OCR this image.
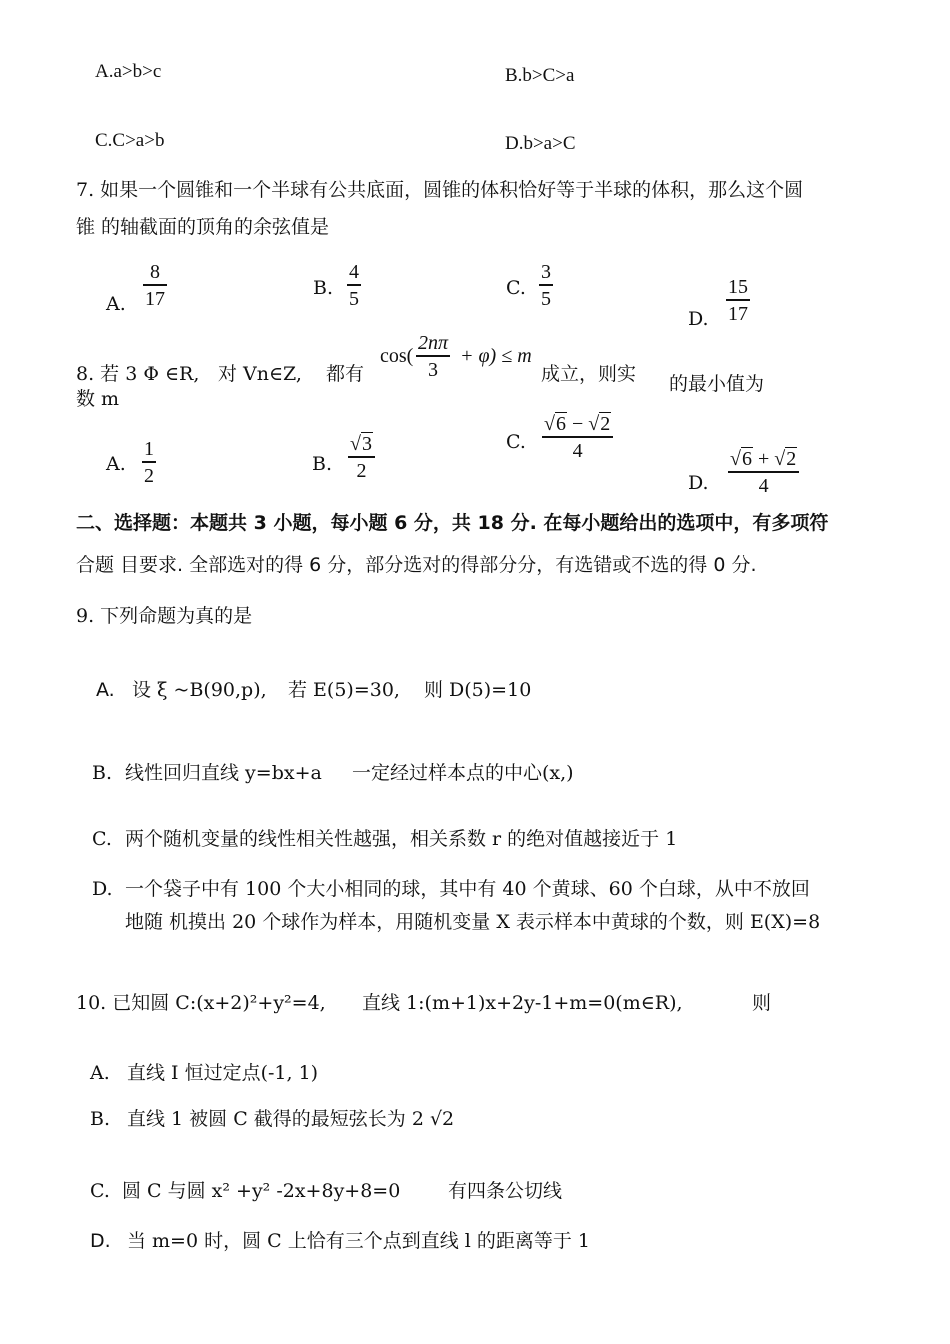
A.a>b>c	B.b>C>a
C.C>a>b	D.b>a>C
7. 如果一个圆锥和一个半球有公共底面，圆锥的体积恰好等于半球的体积，那么这个圆
锥 的轴截面的顶角的余弦值是
A.
8
17	B.
4
5	C.
3
5
D.
15
17
8. 若 3 Φ ∈R, 对 Vn∈Z, 都有
cos(
2nπ
3
+ φ) ≤ m
成立，则实 的最小值为
数 m
A.
1
2
B.
√3
2
C.
√6 − √2
4
D.
√6 + √2
4
二、选择题：本题共 3 小题，每小题 6 分，共 18 分. 在每小题给出的选项中，有多项符
合题 目要求. 全部选对的得 6 分，部分选对的得部分分，有选错或不选的得 0 分.
9. 下列命题为真的是
A. 设 ξ ~B(90,p), 若 E(5)=30, 则 D(5)=10
B. 线性回归直线 y=bx+a 一定经过样本点的中心(x,)
C. 两个随机变量的线性相关性越强，相关系数 r 的绝对值越接近于 1
D. 一个袋子中有 100 个大小相同的球，其中有 40 个黄球、60 个白球，从中不放回
地随 机摸出 20 个球作为样本，用随机变量 X 表示样本中黄球的个数，则 E(X)=8
10. 已知圆 C:(x+2)²+y²=4, 直线 1:(m+1)x+2y-1+m=0(m∈R),	则
A. 直线 I 恒过定点(-1, 1)
B. 直线 1 被圆 C 截得的最短弦长为 2 √2
C. 圆 C 与圆 x² +y² -2x+8y+8=0	有四条公切线
D. 当 m=0 时，圆 C 上恰有三个点到直线 l 的距离等于 1
